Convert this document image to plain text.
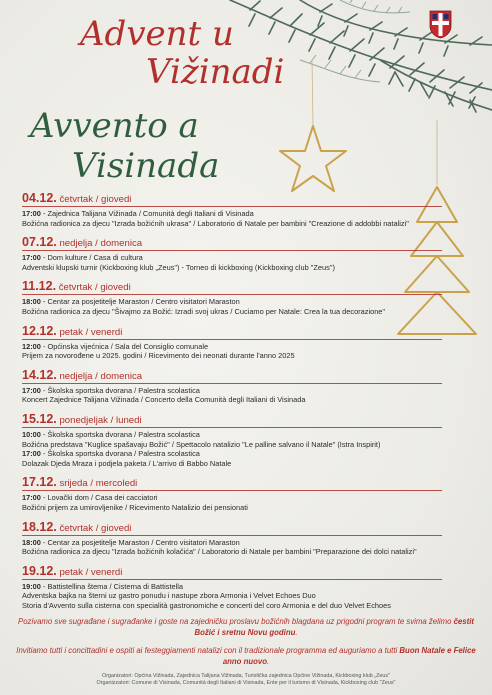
Advent u
Vižinadi
Avvento a
Visinada
04.12. četvrtak / giovedi
17:00 - Zajednica Talijana Vižinada / Comunità degli Italiani di Visinada
Božićna radionica za djecu "Izrada božićnih ukrasa" / Laboratorio di Natale per bambini "Creazione di addobbi natalizi"
07.12. nedjelja / domenica
17:00 - Dom kulture / Casa di cultura
Adventski klupski turnir (Kickboxing klub „Zeus") - Torneo di kickboxing (Kickboxing club "Zeus")
11.12. četvrtak / giovedi
18:00 - Centar za posjetitelje Maraston / Centro visitatori Maraston
Božićna radionica za djecu "Šivajmo za Božić: Izradi svoj ukras / Cuciamo per Natale: Crea la tua decorazione"
12.12. petak / venerdi
12:00 - Općinska vijećnica / Sala del Consiglio comunale
Prijem za novorođene u 2025. godini / Ricevimento dei neonati durante l'anno 2025
14.12. nedjelja / domenica
17:00 - Školska sportska dvorana / Palestra scolastica
Koncert Zajednice Talijana Vižinada / Concerto della Comunità degli Italiani di Visinada
15.12. ponedjeljak / lunedi
10:00 - Školska sportska dvorana / Palestra scolastica
Božićna predstava "Kuglice spašavaju Božić" / Spettacolo natalizio "Le palline salvano il Natale" (Istra Inspirit)
17:00 - Školska sportska dvorana / Palestra scolastica
Dolazak Djeda Mraza i podjela paketa / L'arrivo di Babbo Natale
17.12. srijeda / mercoledi
17:00 - Lovački dom / Casa dei cacciatori
Božićni prijem za umirovljenike / Ricevimento Natalizio dei pensionati
18.12. četvrtak / giovedi
18:00 - Centar za posjetitelje Maraston / Centro visitatori Maraston
Božićna radionica za djecu "Izrada božićnih kolačića" / Laboratorio di Natale per bambini "Preparazione dei dolci natalizi"
19.12. petak / venerdi
19:00 - Battistellina štema / Cisterna di Battistella
Adventska bajka na šterni uz gastro ponudu i nastupe zbora Armonia i Velvet Echoes Duo
Storia d'Avvento sulla cisterna con specialità gastronomiche e concerti del coro Armonia e del duo Velvet Echoes
Pozivamo sve sugrađane i sugrađanke i goste na zajedničku proslavu božićnih blagdana uz prigodni program te svima želimo čestit Božić i sretnu Novu godinu.
Invitiamo tutti i concittadini e ospiti ai festeggiamenti natalizi con il tradizionale programma ed auguriamo a tutti Buon Natale e Felice anno nuovo.
Organizatori: Općina Vižinada, Zajednica Talijana Vižinada, Turistička zajednica Općine Vižinada, Kickboxing klub „Zeus"
Organizzatori: Comune di Visinada, Comunità degli Italiani di Visinada, Ente per il turismo di Visinada, Kickboxing club "Zeus"
